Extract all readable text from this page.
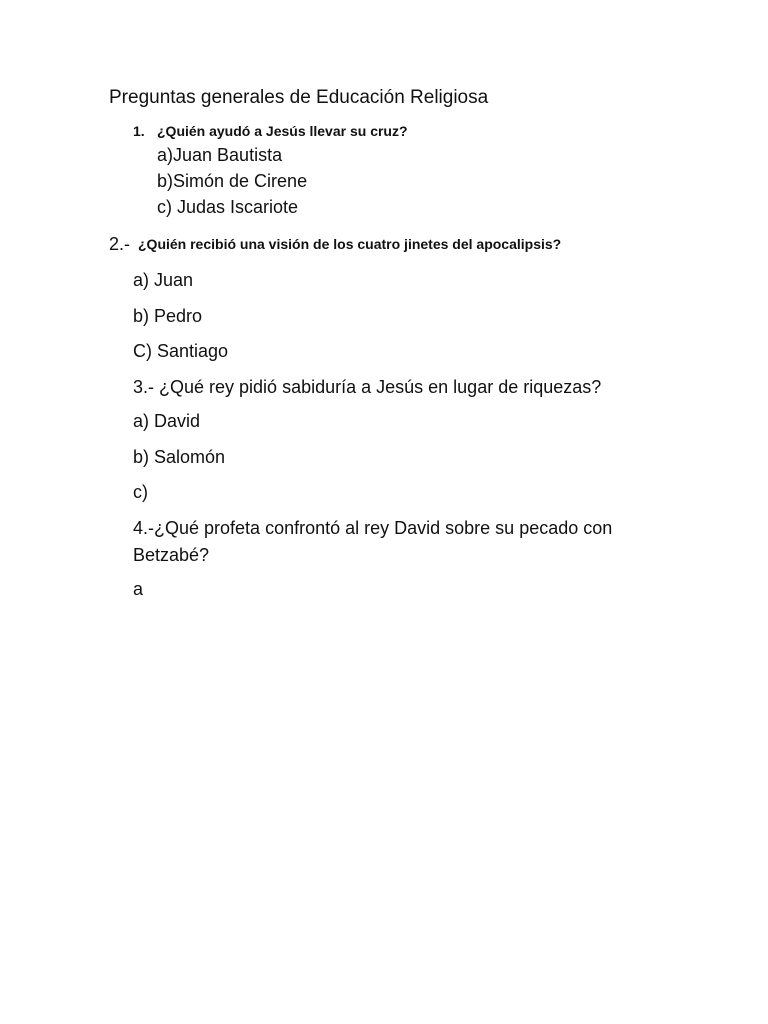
Preguntas generales de Educación Religiosa

1. ¿Quién ayudó a Jesús llevar su cruz?

a)Juan Bautista

b)Simón de Cirene

c) Judas Iscariote

2.- ¿Quién recibió una visión de los cuatro jinetes del apocalipsis?

a) Juan

b) Pedro

C) Santiago

3.- ¿Qué rey pidió sabiduría a Jesús en lugar de riquezas?

a) David

b) Salomón

c)

4.-¿Qué profeta confrontó al rey David sobre su pecado con Betzabé?

a
